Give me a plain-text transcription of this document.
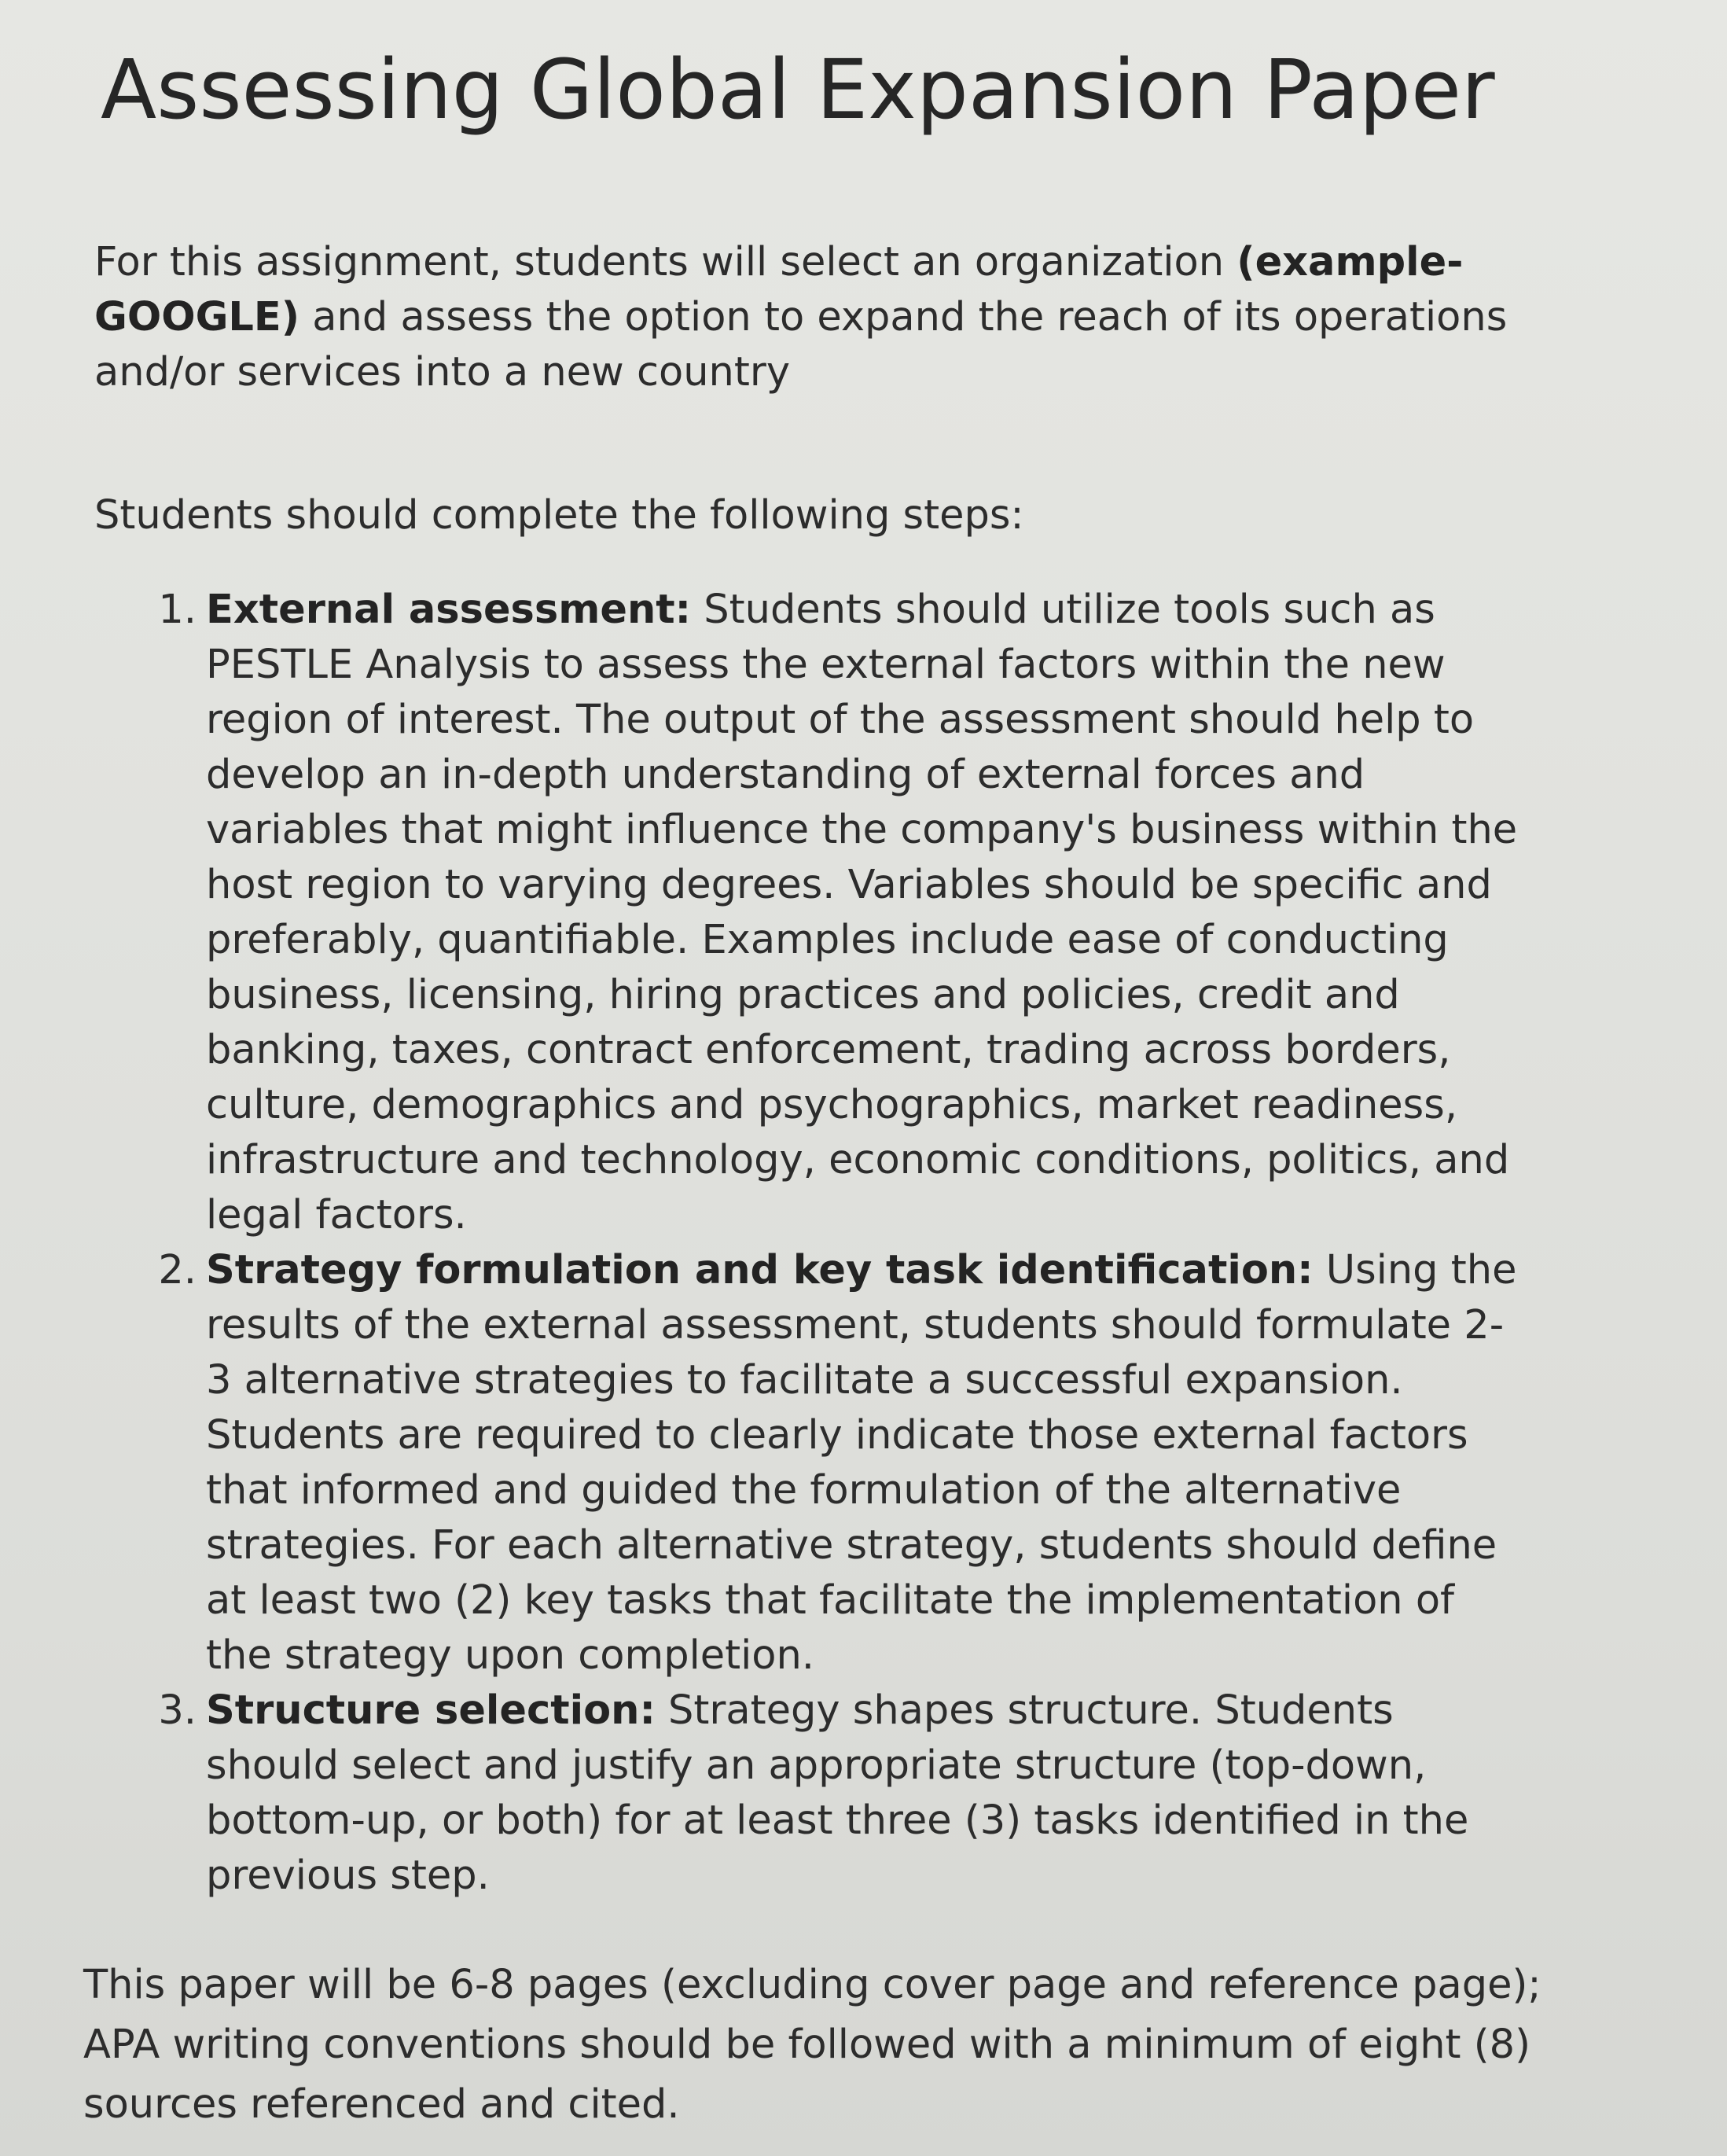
Assessing Global Expansion Paper

For this assignment, students will select an organization (example-GOOGLE) and assess the option to expand the reach of its operations and/or services into a new country

Students should complete the following steps:

1. External assessment: Students should utilize tools such as PESTLE Analysis to assess the external factors within the new region of interest. The output of the assessment should help to develop an in-depth understanding of external forces and variables that might influence the company's business within the host region to varying degrees. Variables should be specific and preferably, quantifiable. Examples include ease of conducting business, licensing, hiring practices and policies, credit and banking, taxes, contract enforcement, trading across borders, culture, demographics and psychographics, market readiness, infrastructure and technology, economic conditions, politics, and legal factors.
2. Strategy formulation and key task identification: Using the results of the external assessment, students should formulate 2-3 alternative strategies to facilitate a successful expansion. Students are required to clearly indicate those external factors that informed and guided the formulation of the alternative strategies. For each alternative strategy, students should define at least two (2) key tasks that facilitate the implementation of the strategy upon completion.
3. Structure selection: Strategy shapes structure. Students should select and justify an appropriate structure (top-down, bottom-up, or both) for at least three (3) tasks identified in the previous step.

This paper will be 6-8 pages (excluding cover page and reference page); APA writing conventions should be followed with a minimum of eight (8) sources referenced and cited.
